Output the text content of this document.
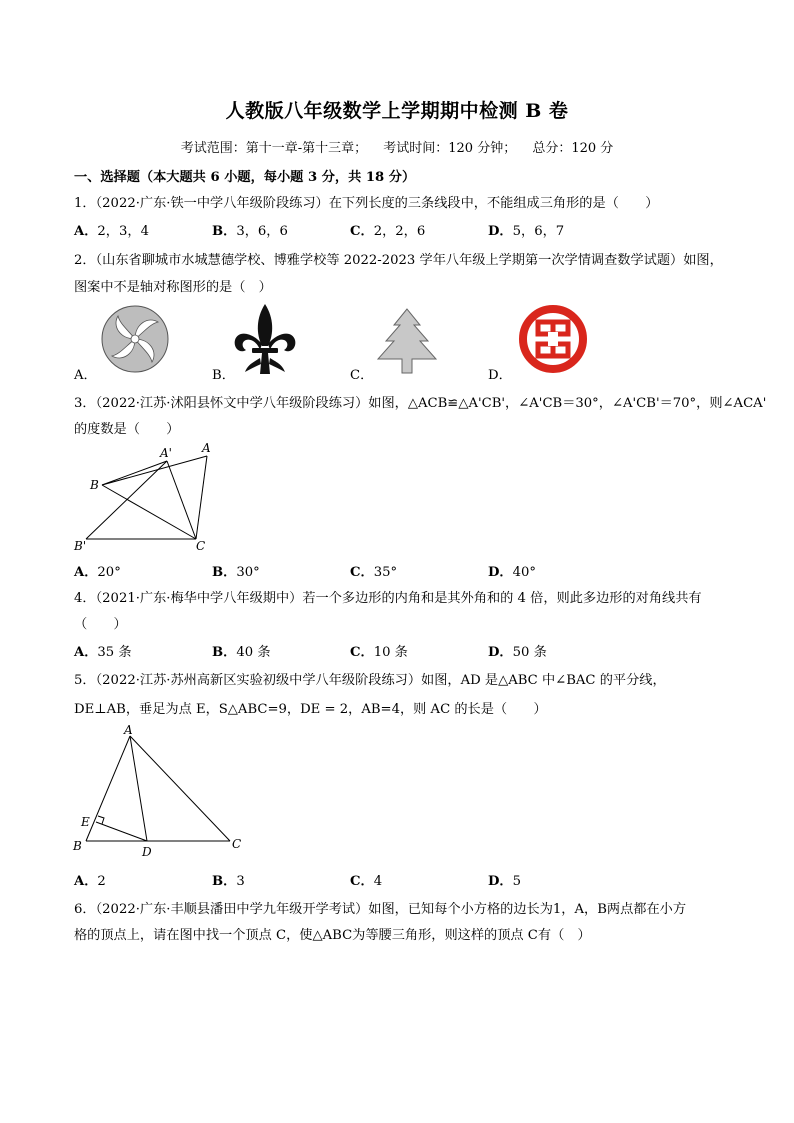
人教版八年级数学上学期期中检测 B 卷
考试范围：第十一章-第十三章； 考试时间：120 分钟； 总分：120 分
一、选择题（本大题共 6 小题，每小题 3 分，共 18 分）
1．（2022·广东·铁一中学八年级阶段练习）在下列长度的三条线段中，不能组成三角形的是（　　）
A．2，3，4	B．3，6，6	C．2，2，6	D．5，6，7
2．（山东省聊城市水城慧德学校、博雅学校等 2022-2023 学年八年级上学期第一次学情调查数学试题）如图，
图案中不是轴对称图形的是（　）
A．	B．	C．	D．
3．（2022·江苏·沭阳县怀文中学八年级阶段练习）如图，△ACB≌△A'CB'，∠A'CB＝30°，∠A'CB'＝70°，则∠ACA'
的度数是（　　）
A'	A
B
B'	C
A．20°	B．30°	C．35°	D．40°
4．（2021·广东·梅华中学八年级期中）若一个多边形的内角和是其外角和的 4 倍，则此多边形的对角线共有
（　　）
A．35 条	B．40 条	C．10 条	D．50 条
5．（2022·江苏·苏州高新区实验初级中学八年级阶段练习）如图，AD 是△ABC 中∠BAC 的平分线，
DE⊥AB，垂足为点 E，S△ABC=9，DE = 2，AB=4，则 AC 的长是（　　）
A
E
B	D
C
A．2	B．3	C．4	D．5
6．（2022·广东·丰顺县潘田中学九年级开学考试）如图，已知每个小方格的边长为1，A，B两点都在小方
格的顶点上，请在图中找一个顶点 C，使△ABC为等腰三角形，则这样的顶点 C有（　）
